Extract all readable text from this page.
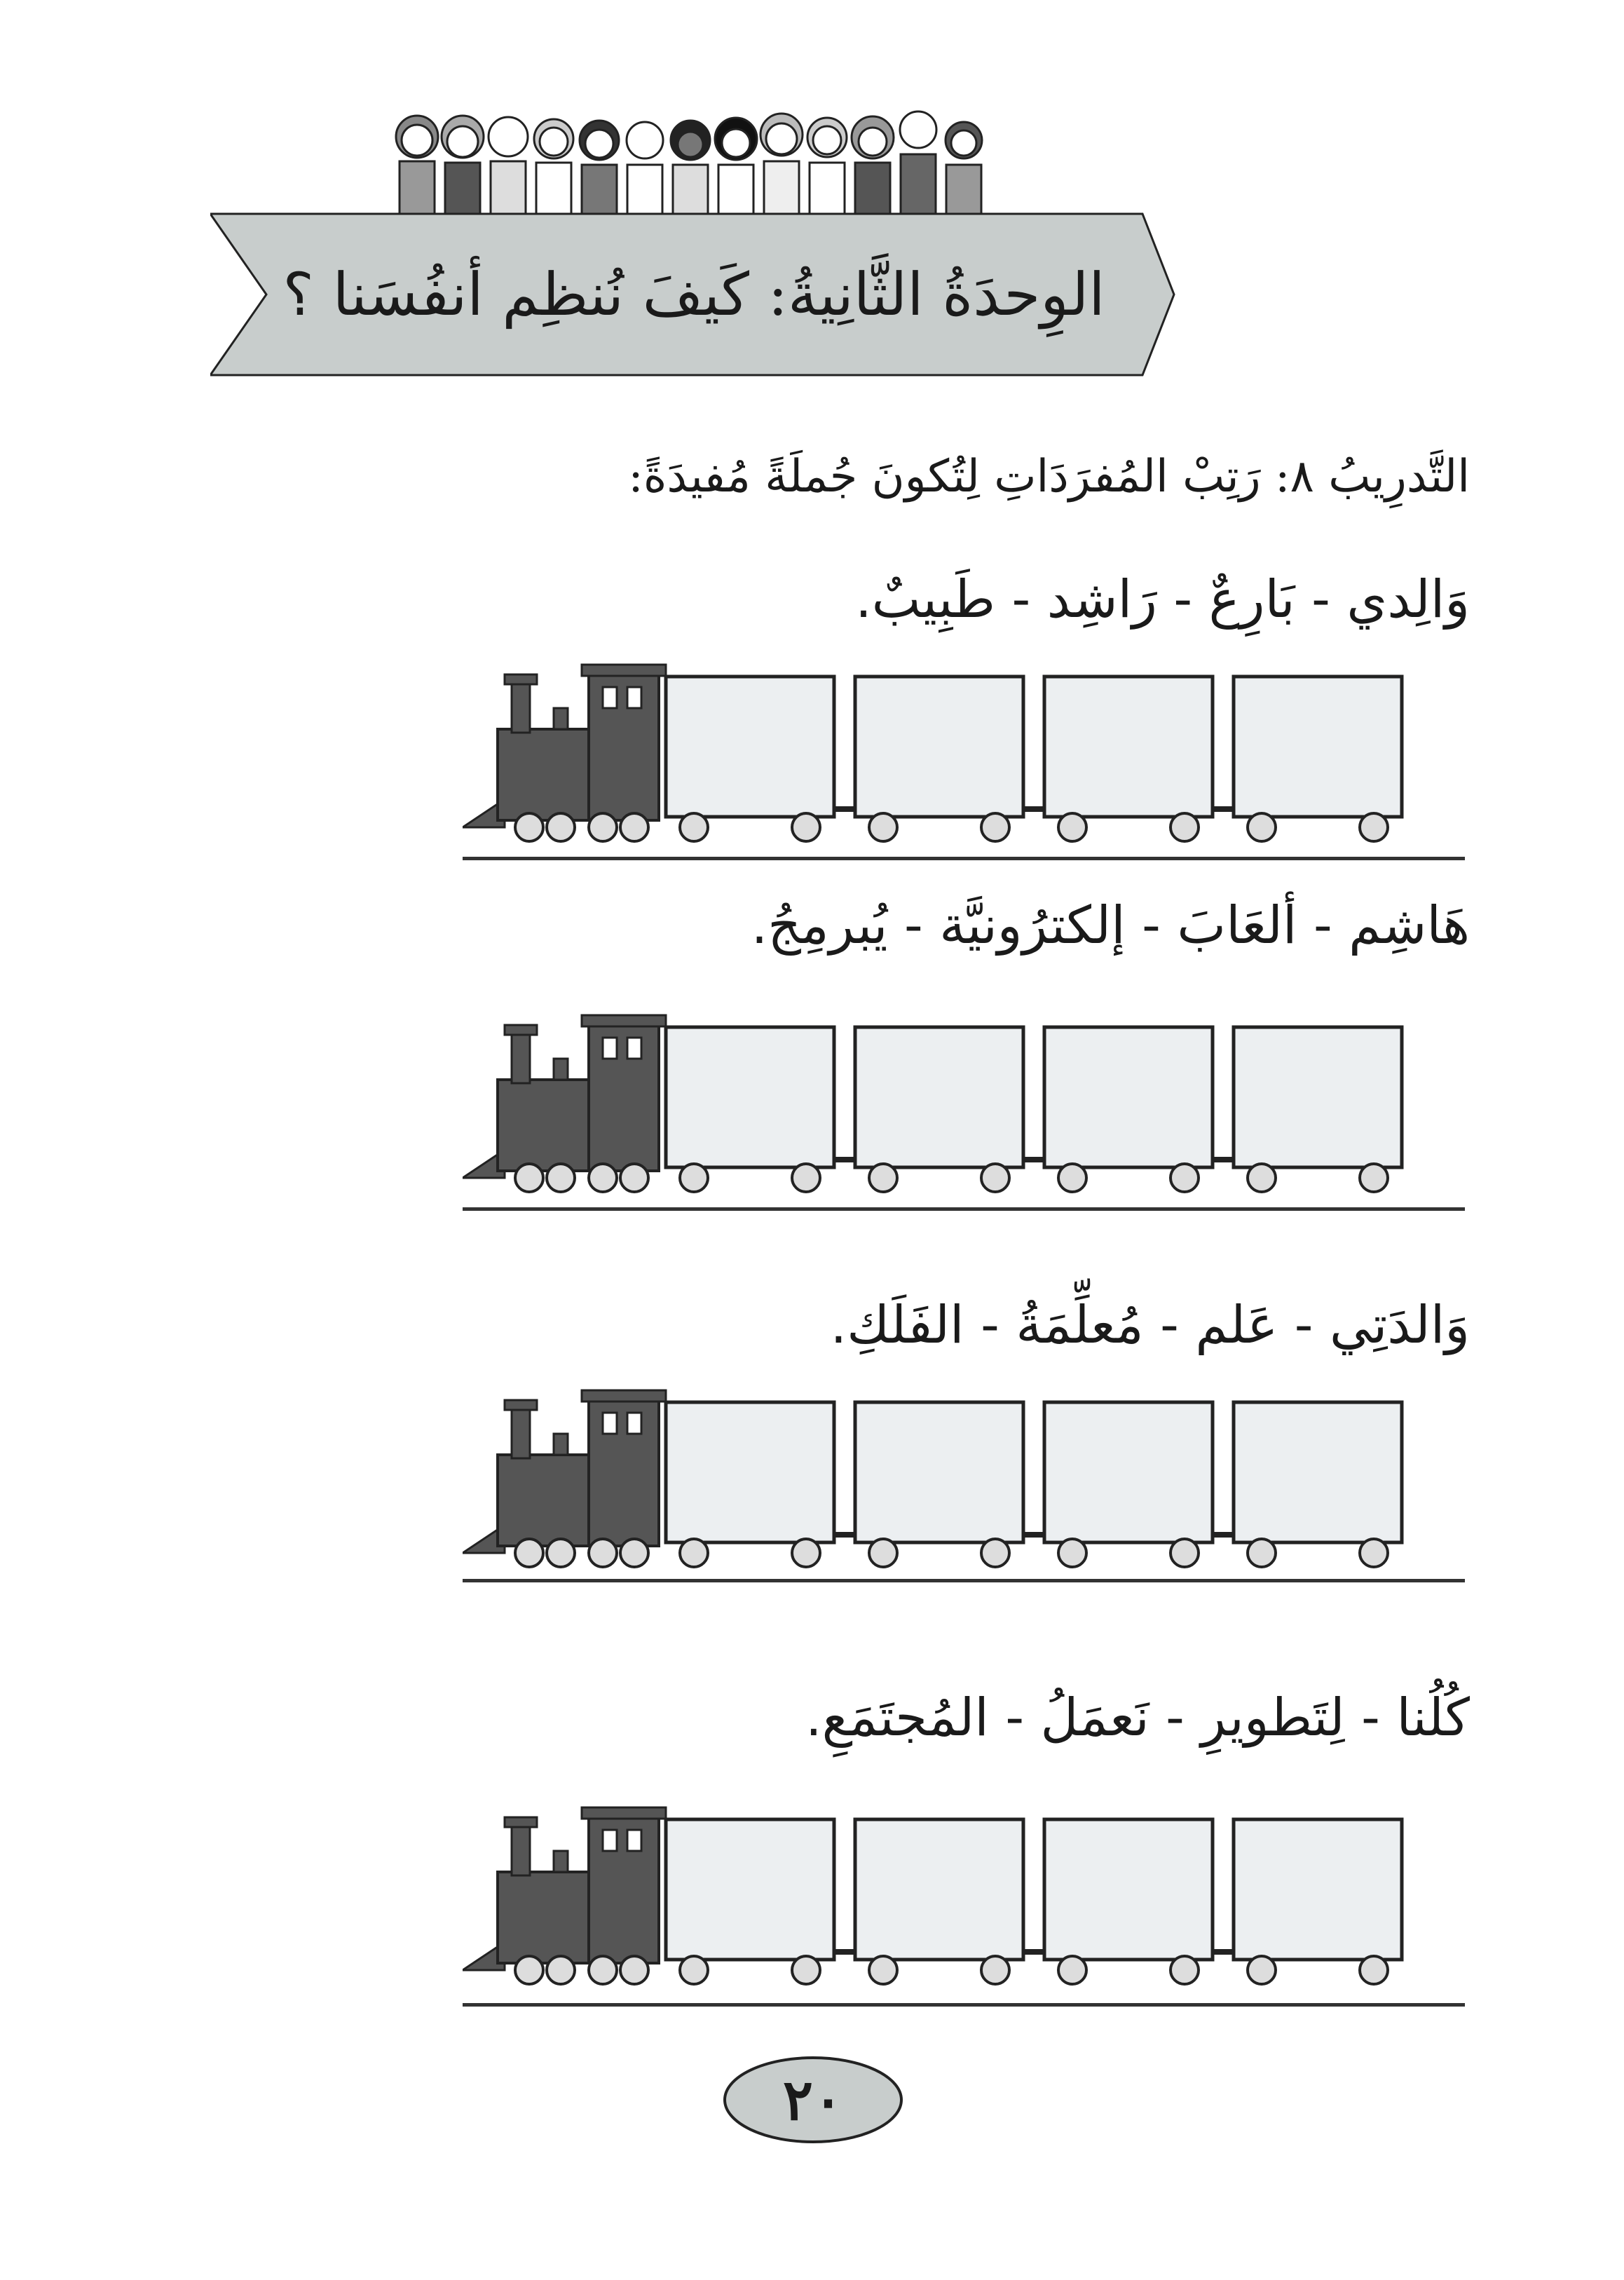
الوِحدَةُ الثَّانِيةُ: كَيفَ نُنظِم أنفُسَنا ؟
التَّدرِيبُ ٨: رَتِبْ المُفرَدَاتِ لِتُكونَ جُملَةً مُفيدَةً:
وَالِدي - بَارِعٌ - رَاشِد - طَبِيبٌ.
هَاشِم - ألعَابَ - إلكترُونيَّة - يُبرمِجُ.
وَالدَتِي - عَلم - مُعلِّمَةُ - الفَلَكِ.
كُلُنا - لِتَطويرِ - نَعمَلُ - المُجتَمَعِ.
٢٠
